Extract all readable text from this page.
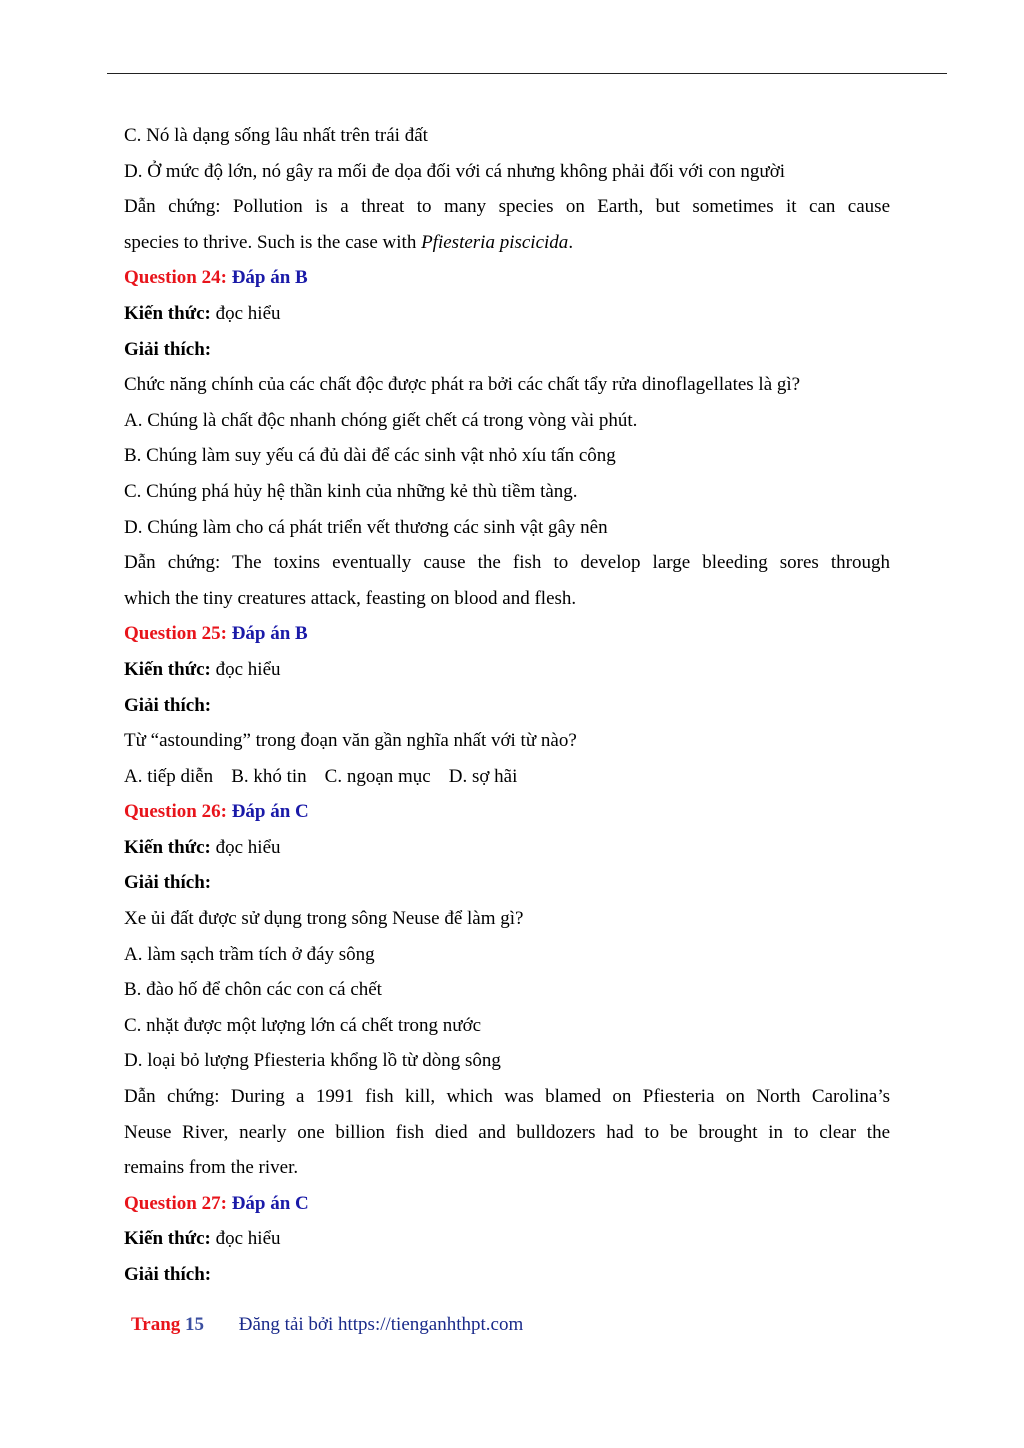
C. Nó là dạng sống lâu nhất trên trái đất
D. Ở mức độ lớn, nó gây ra mối đe dọa đối với cá nhưng không phải đối với con người
Dẫn chứng: Pollution is a threat to many species on Earth, but sometimes it can cause
species to thrive. Such is the case with Pfiesteria piscicida.
Question 24: Đáp án B
Kiến thức: đọc hiểu
Giải thích:
Chức năng chính của các chất độc được phát ra bởi các chất tẩy rửa dinoflagellates là gì?
A. Chúng là chất độc nhanh chóng giết chết cá trong vòng vài phút.
B. Chúng làm suy yếu cá đủ dài để các sinh vật nhỏ xíu tấn công
C. Chúng phá hủy hệ thần kinh của những kẻ thù tiềm tàng.
D. Chúng làm cho cá phát triển vết thương các sinh vật gây nên
Dẫn chứng: The toxins eventually cause the fish to develop large bleeding sores through
which the tiny creatures attack, feasting on blood and flesh.
Question 25: Đáp án B
Kiến thức: đọc hiểu
Giải thích:
Từ “astounding” trong đoạn văn gần nghĩa nhất với từ nào?
A. tiếp diễn B. khó tin C. ngoạn mục D. sợ hãi
Question 26: Đáp án C
Kiến thức: đọc hiểu
Giải thích:
Xe ủi đất được sử dụng trong sông Neuse để làm gì?
A. làm sạch trầm tích ở đáy sông
B. đào hố để chôn các con cá chết
C. nhặt được một lượng lớn cá chết trong nước
D. loại bỏ lượng Pfiesteria khổng lồ từ dòng sông
Dẫn chứng: During a 1991 fish kill, which was blamed on Pfiesteria on North Carolina’s
Neuse River, nearly one billion fish died and bulldozers had to be brought in to clear the
remains from the river.
Question 27: Đáp án C
Kiến thức: đọc hiểu
Giải thích:
Trang 15 Đăng tải bởi https://tienganhthpt.com
